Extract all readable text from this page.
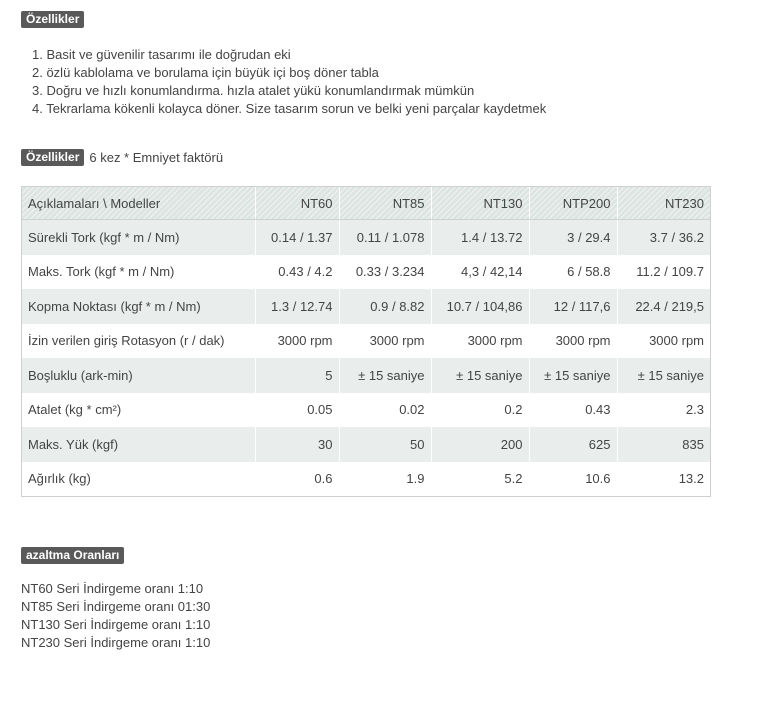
Özellikler
1. Basit ve güvenilir tasarımı ile doğrudan eki
2. özlü kablolama ve borulama için büyük içi boş döner tabla
3. Doğru ve hızlı konumlandırma. hızla atalet yükü konumlandırmak mümkün
4. Tekrarlama kökenli kolayca döner. Size tasarım sorun ve belki yeni parçalar kaydetmek
Özellikler 6 kez * Emniyet faktörü
Açıklamaları \ Modeller	NT60	NT85	NT130	NTP200	NT230
Sürekli Tork (kgf * m / Nm)	0.14 / 1.37	0.11 / 1.078	1.4 / 13.72	3 / 29.4	3.7 / 36.2
Maks. Tork (kgf * m / Nm)	0.43 / 4.2	0.33 / 3.234	4,3 / 42,14	6 / 58.8	11.2 / 109.7
Kopma Noktası (kgf * m / Nm)	1.3 / 12.74	0.9 / 8.82	10.7 / 104,86	12 / 117,6	22.4 / 219,5
İzin verilen giriş Rotasyon (r / dak)	3000 rpm	3000 rpm	3000 rpm	3000 rpm	3000 rpm
Boşluklu (ark-min)	5	± 15 saniye	± 15 saniye	± 15 saniye	± 15 saniye
Atalet (kg * cm²)	0.05	0.02	0.2	0.43	2.3
Maks. Yük (kgf)	30	50	200	625	835
Ağırlık (kg)	0.6	1.9	5.2	10.6	13.2
azaltma Oranları
NT60 Seri İndirgeme oranı 1:10
NT85 Seri İndirgeme oranı 01:30
NT130 Seri İndirgeme oranı 1:10
NT230 Seri İndirgeme oranı 1:10
